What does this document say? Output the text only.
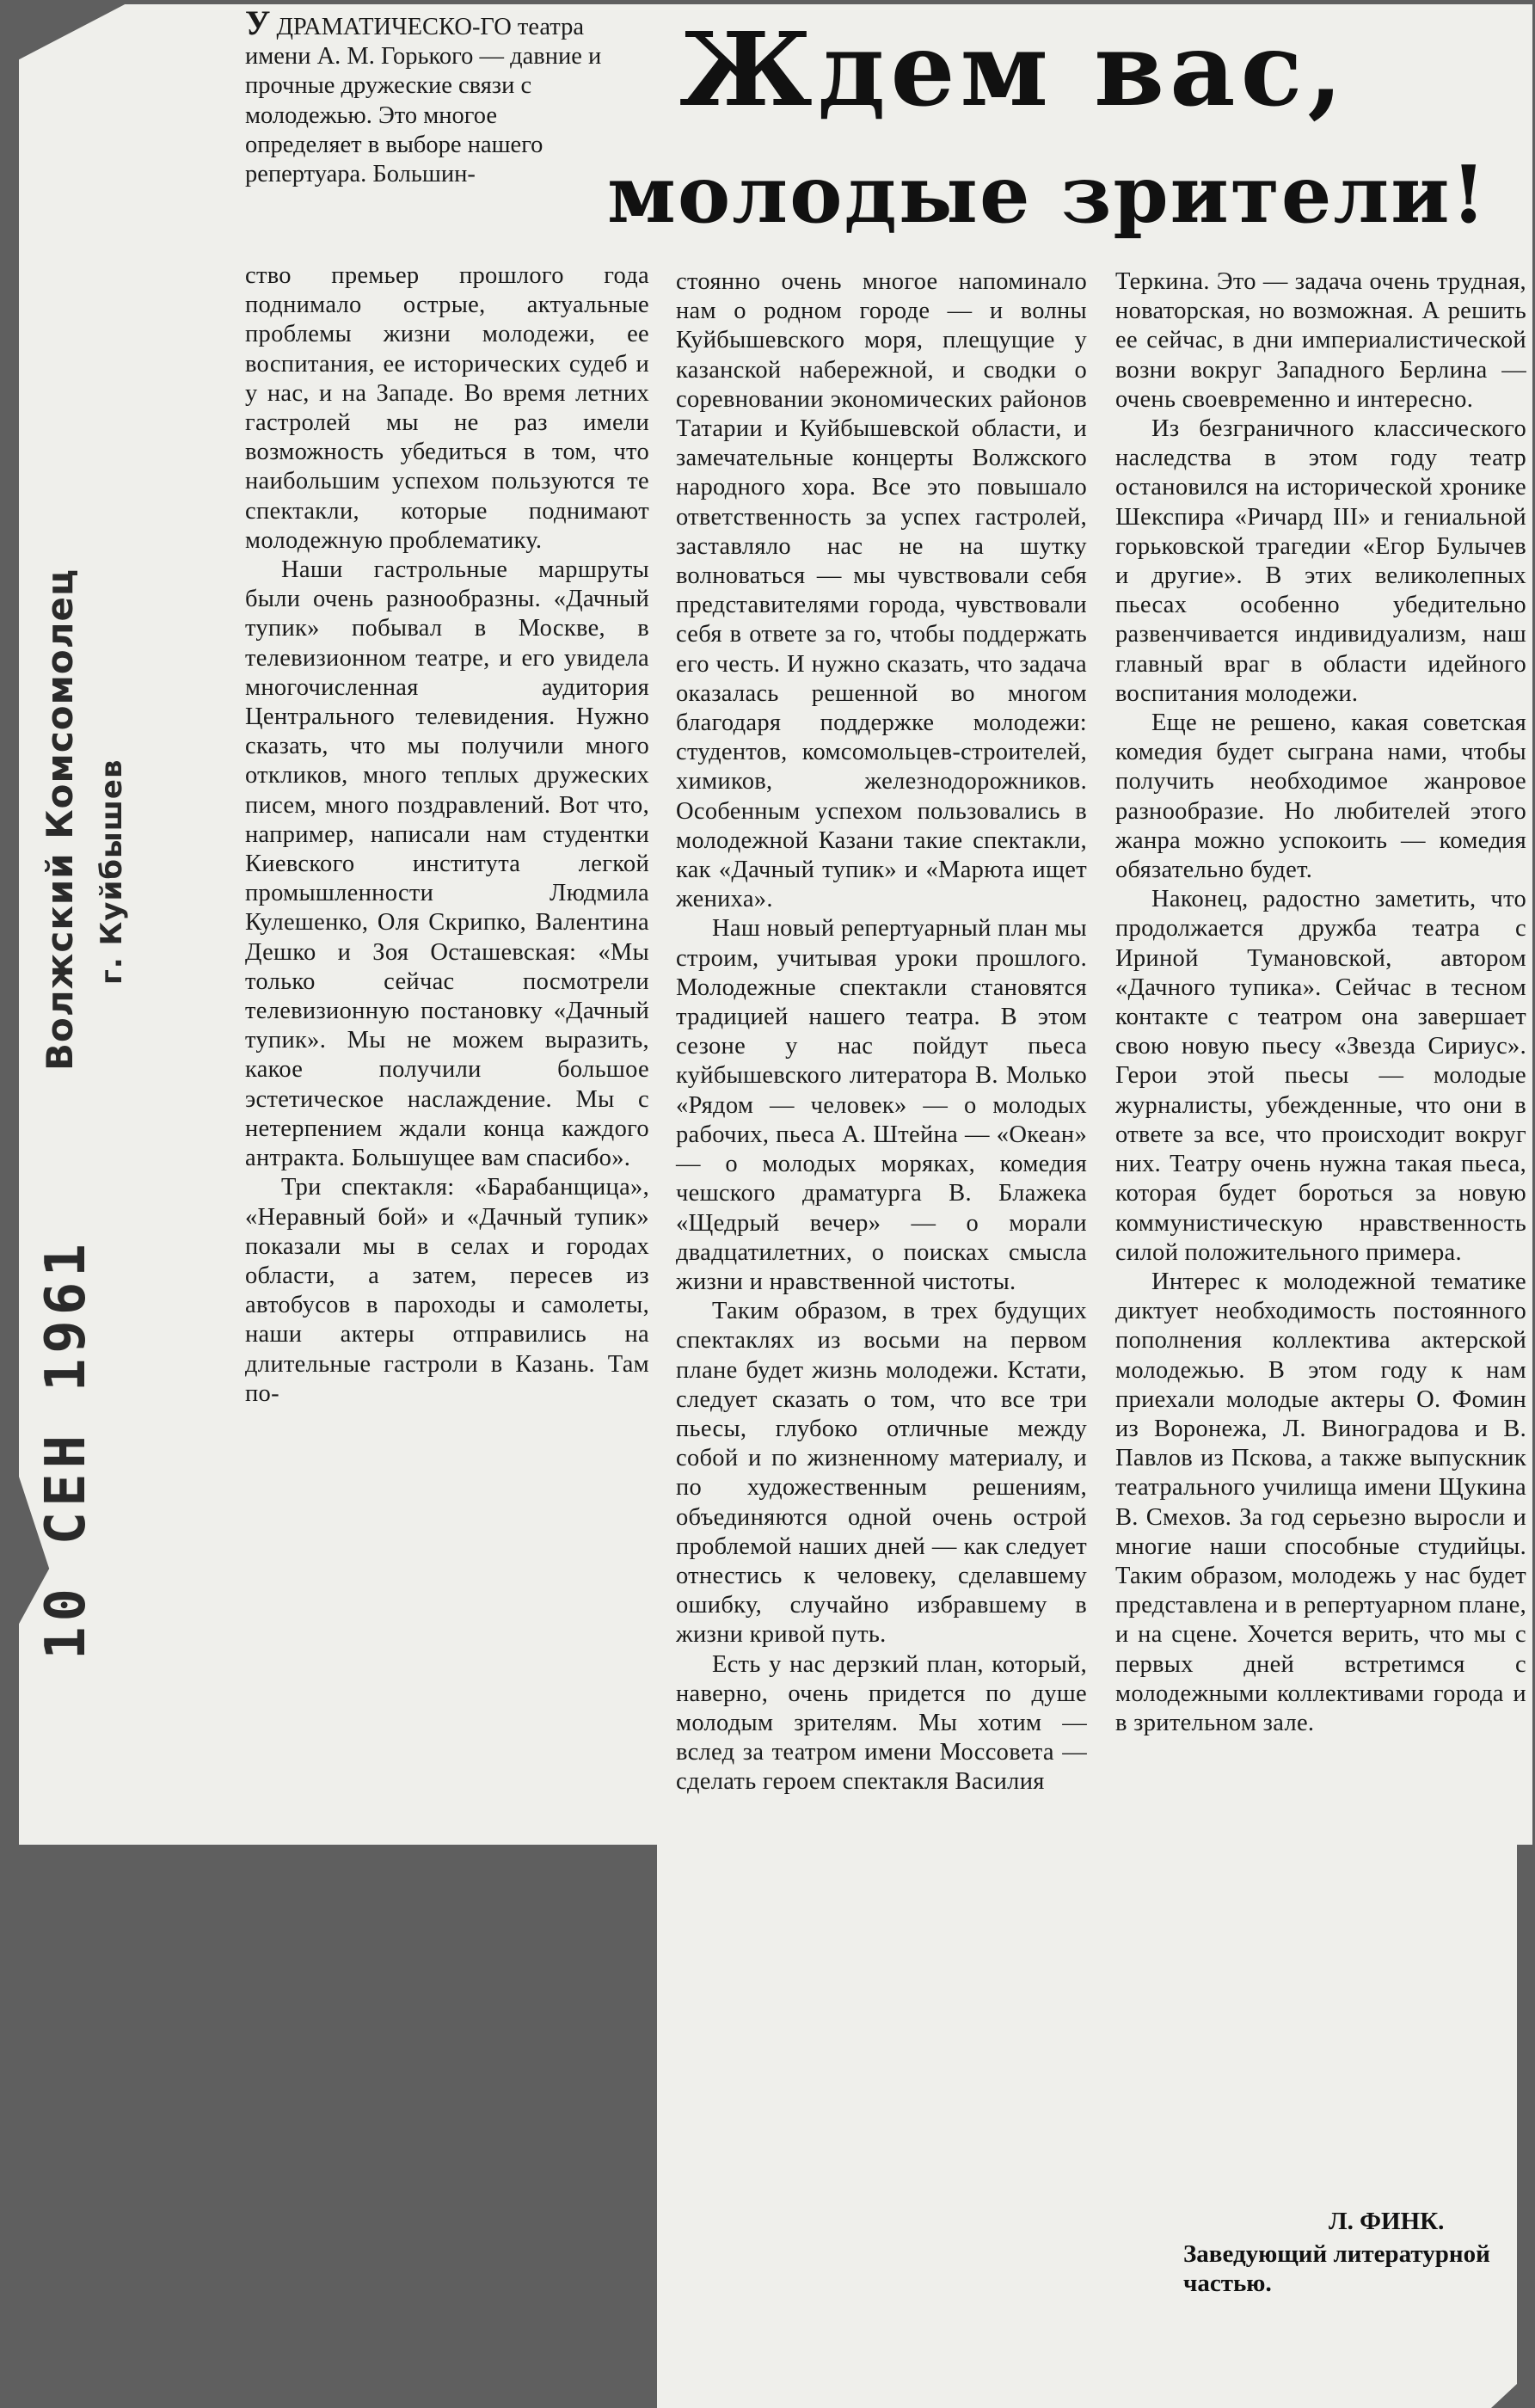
Волжский Комсомолец г. Куйбышев

10 СЕН 1961

Ждем вас,
молодые зрители!

У ДРАМАТИЧЕСКО-ГО театра имени А. М. Горького — давние и прочные дружеские связи с молодежью. Это многое определяет в выборе нашего репертуара. Большин-

ство премьер прошлого года поднимало острые, актуальные проблемы жизни молодежи, ее воспитания, ее исторических судеб и у нас, и на Западе. Во время летних гастролей мы не раз имели возможность убедиться в том, что наибольшим успехом пользуются те спектакли, которые поднимают молодежную проблематику.

Наши гастрольные маршруты были очень разнообразны. «Дачный тупик» побывал в Москве, в телевизионном театре, и его увидела многочисленная аудитория Центрального телевидения. Нужно сказать, что мы получили много откликов, много теплых дружеских писем, много поздравлений. Вот что, например, написали нам студентки Киевского института легкой промышленности Людмила Кулешенко, Оля Скрипко, Валентина Дешко и Зоя Осташевская: «Мы только сейчас посмотрели телевизионную постановку «Дачный тупик». Мы не можем выразить, какое получили большое эстетическое наслаждение. Мы с нетерпением ждали конца каждого антракта. Большущее вам спасибо».

Три спектакля: «Барабанщица», «Неравный бой» и «Дачный тупик» показали мы в селах и городах области, а затем, пересев из автобусов в пароходы и самолеты, наши актеры отправились на длительные гастроли в Казань. Там по-

стоянно очень многое напоминало нам о родном городе — и волны Куйбышевского моря, плещущие у казанской набережной, и сводки о соревновании экономических районов Татарии и Куйбышевской области, и замечательные концерты Волжского народного хора. Все это повышало ответственность за успех гастролей, заставляло нас не на шутку волноваться — мы чувствовали себя представителями города, чувствовали себя в ответе за го, чтобы поддержать его честь. И нужно сказать, что задача оказалась решенной во многом благодаря поддержке молодежи: студентов, комсомольцев-строителей, химиков, железнодорожников. Особенным успехом пользовались в молодежной Казани такие спектакли, как «Дачный тупик» и «Марюта ищет жениха».

Наш новый репертуарный план мы строим, учитывая уроки прошлого. Молодежные спектакли становятся традицией нашего театра. В этом сезоне у нас пойдут пьеса куйбышевского литератора В. Молько «Рядом — человек» — о молодых рабочих, пьеса А. Штейна — «Океан» — о молодых моряках, комедия чешского драматурга В. Блажека «Щедрый вечер» — о морали двадцатилетних, о поисках смысла жизни и нравственной чистоты.

Таким образом, в трех будущих спектаклях из восьми на первом плане будет жизнь молодежи. Кстати, следует сказать о том, что все три пьесы, глубоко отличные между собой и по жизненному материалу, и по художественным решениям, объединяются одной очень острой проблемой наших дней — как следует отнестись к человеку, сделавшему ошибку, случайно избравшему в жизни кривой путь.

Есть у нас дерзкий план, который, наверно, очень придется по душе молодым зрителям. Мы хотим — вслед за театром имени Моссовета — сделать героем спектакля Василия

Теркина. Это — задача очень трудная, новаторская, но возможная. А решить ее сейчас, в дни империалистической возни вокруг Западного Берлина — очень своевременно и интересно.

Из безграничного классического наследства в этом году театр остановился на исторической хронике Шекспира «Ричард III» и гениальной горьковской трагедии «Егор Булычев и другие». В этих великолепных пьесах особенно убедительно развенчивается индивидуализм, наш главный враг в области идейного воспитания молодежи.

Еще не решено, какая советская комедия будет сыграна нами, чтобы получить необходимое жанровое разнообразие. Но любителей этого жанра можно успокоить — комедия обязательно будет.

Наконец, радостно заметить, что продолжается дружба театра с Ириной Тумановской, автором «Дачного тупика». Сейчас в тесном контакте с театром она завершает свою новую пьесу «Звезда Сириус». Герои этой пьесы — молодые журналисты, убежденные, что они в ответе за все, что происходит вокруг них. Театру очень нужна такая пьеса, которая будет бороться за новую коммунистическую нравственность силой положительного примера.

Интерес к молодежной тематике диктует необходимость постоянного пополнения коллектива актерской молодежью. В этом году к нам приехали молодые актеры О. Фомин из Воронежа, Л. Виноградова и В. Павлов из Пскова, а также выпускник театрального училища имени Щукина В. Смехов. За год серьезно выросли и многие наши способные студийцы. Таким образом, молодежь у нас будет представлена и в репертуарном плане, и на сцене. Хочется верить, что мы с первых дней встретимся с молодежными коллективами города и в зрительном зале.

Л. ФИНК.

Заведующий литературной частью.
